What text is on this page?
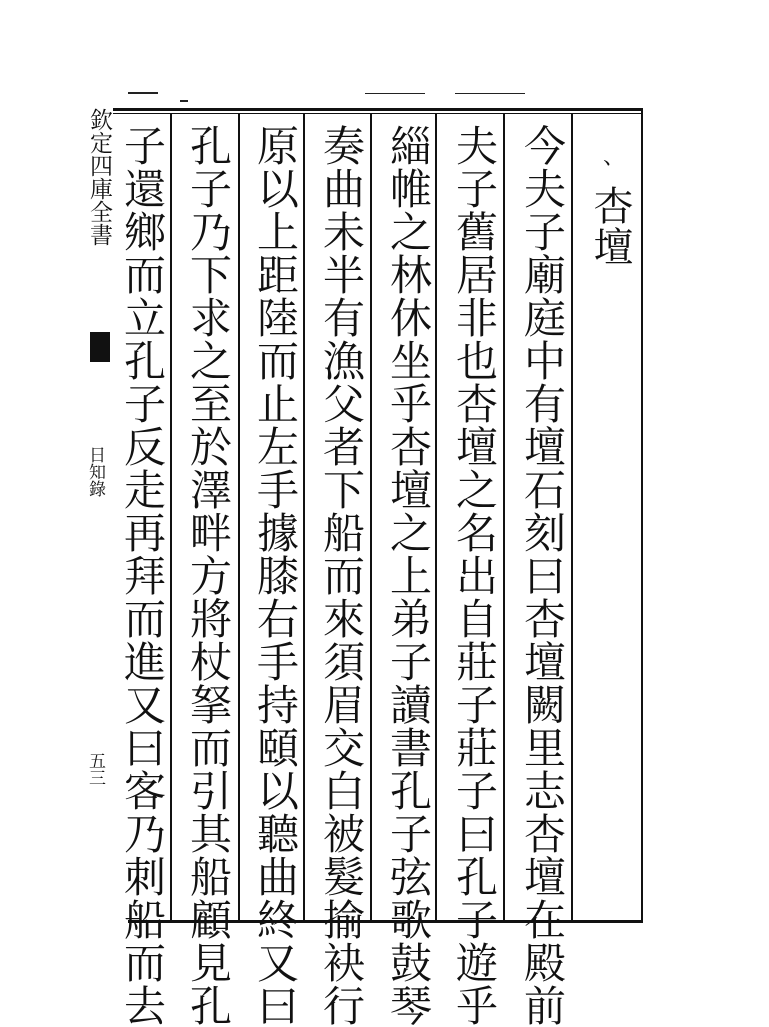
、
杏壇
今夫子廟庭中有壇石刻曰杏壇闕里志杏壇在殿前
夫子舊居非也杏壇之名出自莊子莊子曰孔子遊乎
緇帷之林休坐乎杏壇之上弟子讀書孔子弦歌鼓琴
奏曲未半有漁父者下船而來須眉交白被髮揄袂行
原以上距陸而止左手據膝右手持頤以聽曲終又曰
孔子乃下求之至於澤畔方將杖拏而引其船顧見孔
子還鄉而立孔子反走再拜而進又曰客乃刺船而去
欽定四庫全書
日知錄
五三
